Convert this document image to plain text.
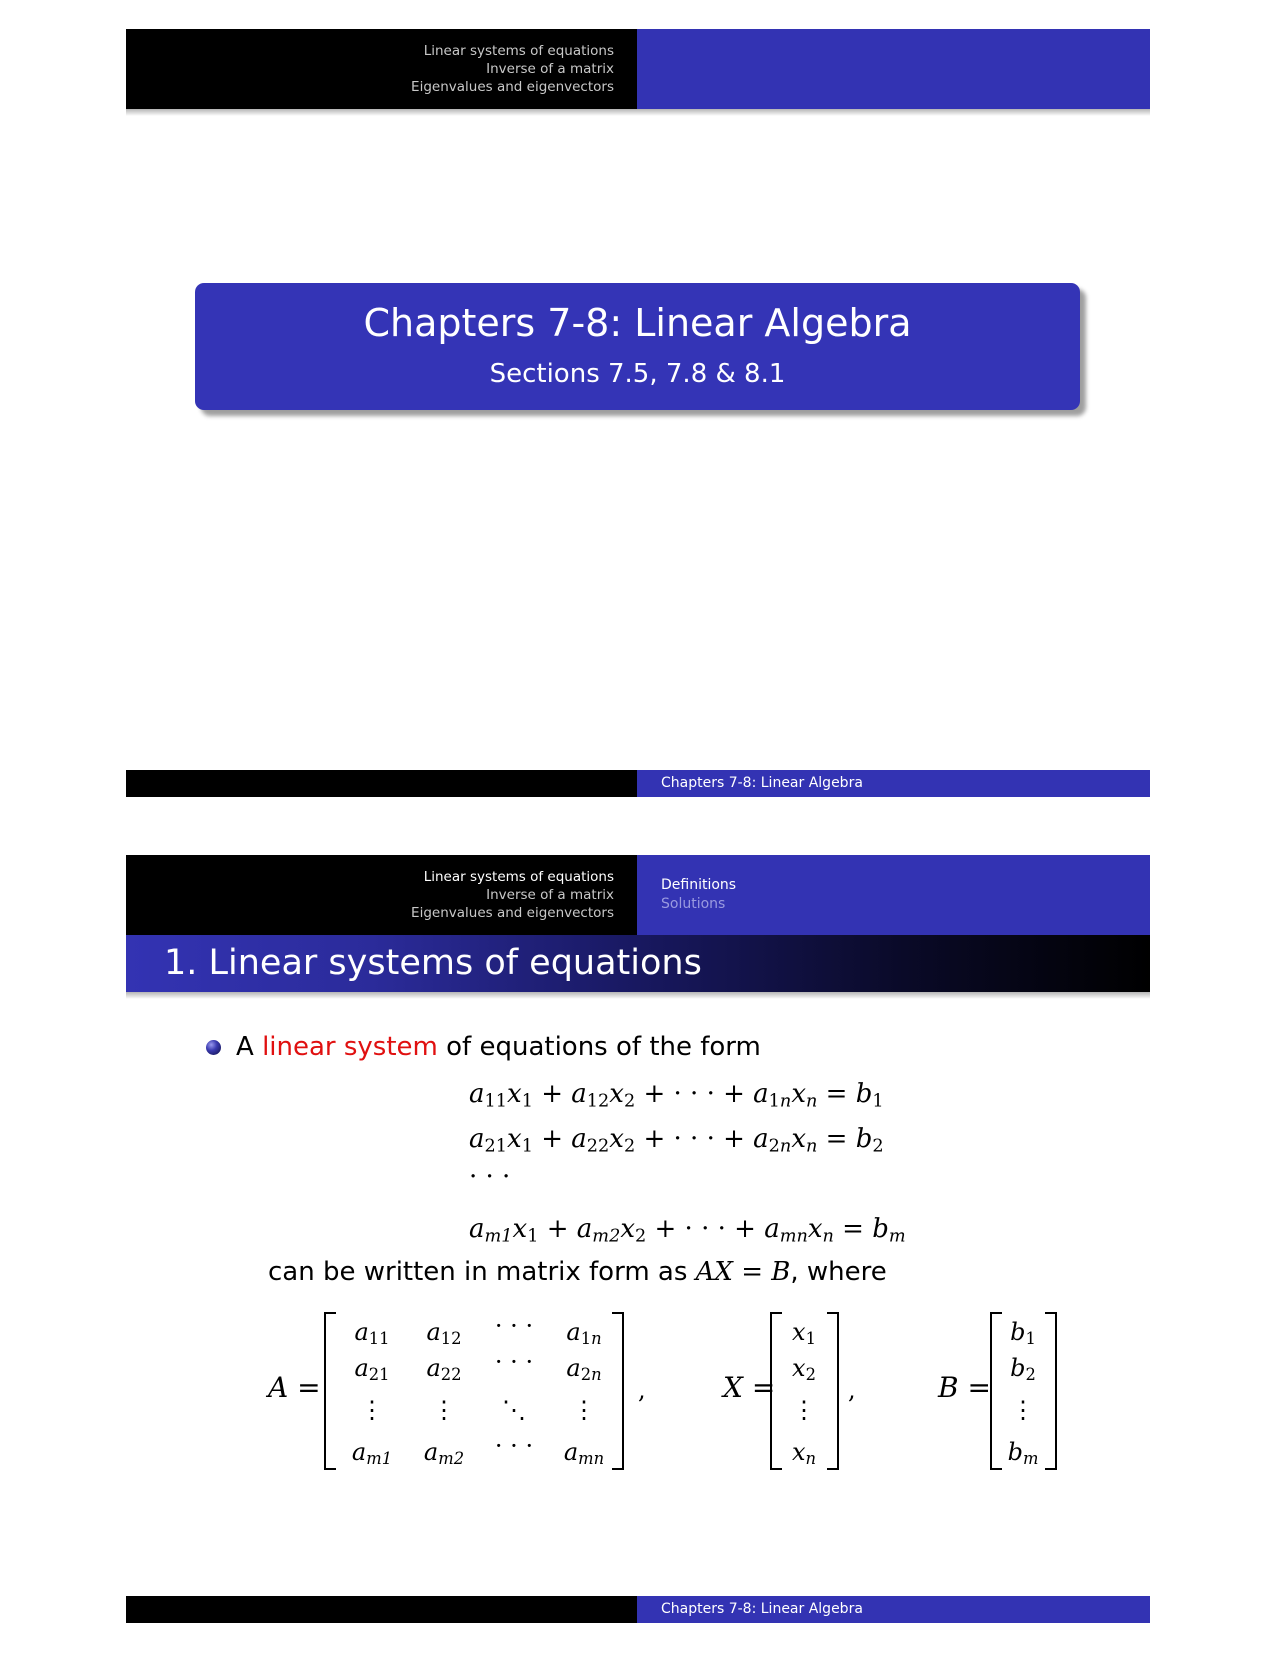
Linear systems of equations
Inverse of a matrix
Eigenvalues and eigenvectors
Chapters 7-8: Linear Algebra
Sections 7.5, 7.8 & 8.1
Chapters 7-8: Linear Algebra
Linear systems of equations
Inverse of a matrix
Eigenvalues and eigenvectors
Definitions
Solutions
1. Linear systems of equations
A linear system of equations of the form
$a_{11}x_1 + a_{12}x_2$ + · · · + $a_{1n}x_n = b_1$
$a_{21}x_1 + a_{22}x_2$ + · · · + $a_{2n}x_n = b_2$
· · ·
$a_{m1}x_1 + a_{m2}x_2$ + · · · + $a_{mn}x_n = b_m$
can be written in matrix form as AX = B, where
A =
$a_{11}$	$a_{12}$	· · ·	$a_{1n}$
$a_{21}$	$a_{22}$	· · ·	$a_{2n}$
⋮	⋮	⋱	⋮
$a_{m1}$	$a_{m2}$	· · ·	$a_{mn}$
,	X =
$x_1$
$x_2$
⋮
$x_n$
,	B =
$b_1$
$b_2$
⋮
$b_m$
Chapters 7-8: Linear Algebra
